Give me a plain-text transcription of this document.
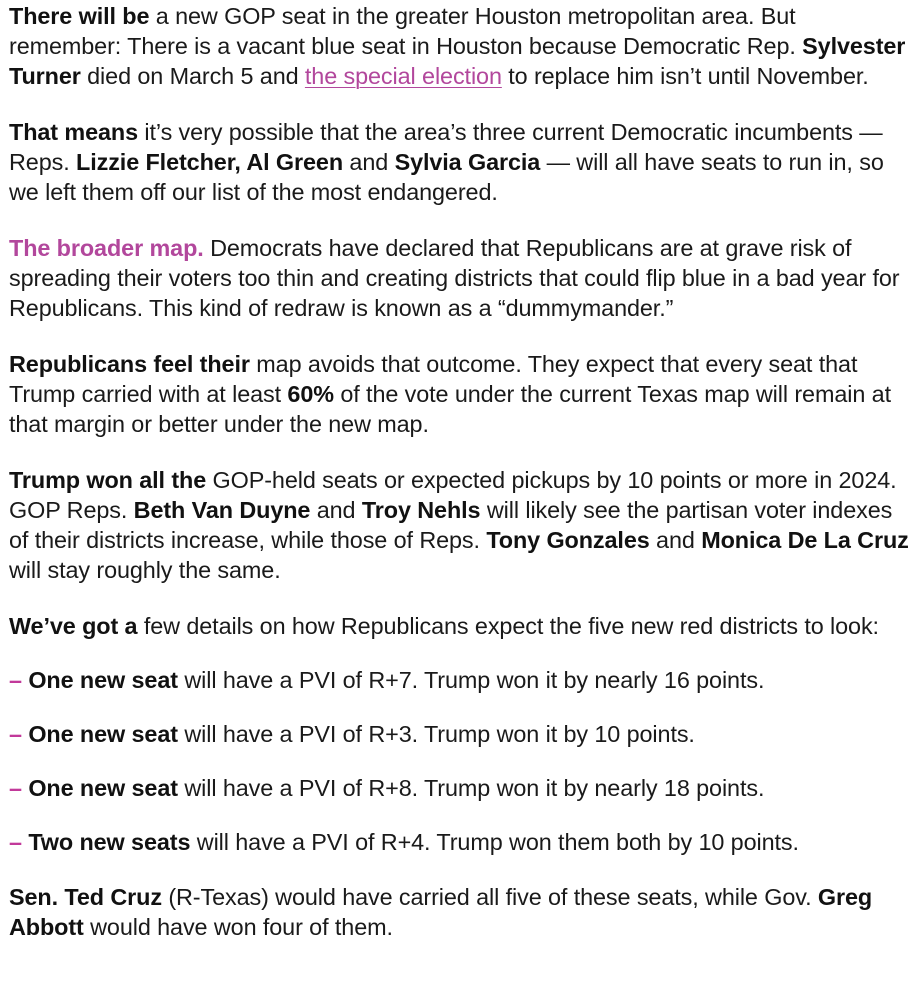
There will be a new GOP seat in the greater Houston metropolitan area. But remember: There is a vacant blue seat in Houston because Democratic Rep. Sylvester Turner died on March 5 and the special election to replace him isn’t until November.

That means it’s very possible that the area’s three current Democratic incumbents — Reps. Lizzie Fletcher, Al Green and Sylvia Garcia — will all have seats to run in, so we left them off our list of the most endangered.

The broader map. Democrats have declared that Republicans are at grave risk of spreading their voters too thin and creating districts that could flip blue in a bad year for Republicans. This kind of redraw is known as a “dummymander.”

Republicans feel their map avoids that outcome. They expect that every seat that Trump carried with at least 60% of the vote under the current Texas map will remain at that margin or better under the new map.

Trump won all the GOP-held seats or expected pickups by 10 points or more in 2024. GOP Reps. Beth Van Duyne and Troy Nehls will likely see the partisan voter indexes of their districts increase, while those of Reps. Tony Gonzales and Monica De La Cruz will stay roughly the same.

We’ve got a few details on how Republicans expect the five new red districts to look:

– One new seat will have a PVI of R+7. Trump won it by nearly 16 points.

– One new seat will have a PVI of R+3. Trump won it by 10 points.

– One new seat will have a PVI of R+8. Trump won it by nearly 18 points.

– Two new seats will have a PVI of R+4. Trump won them both by 10 points.

Sen. Ted Cruz (R-Texas) would have carried all five of these seats, while Gov. Greg Abbott would have won four of them.
